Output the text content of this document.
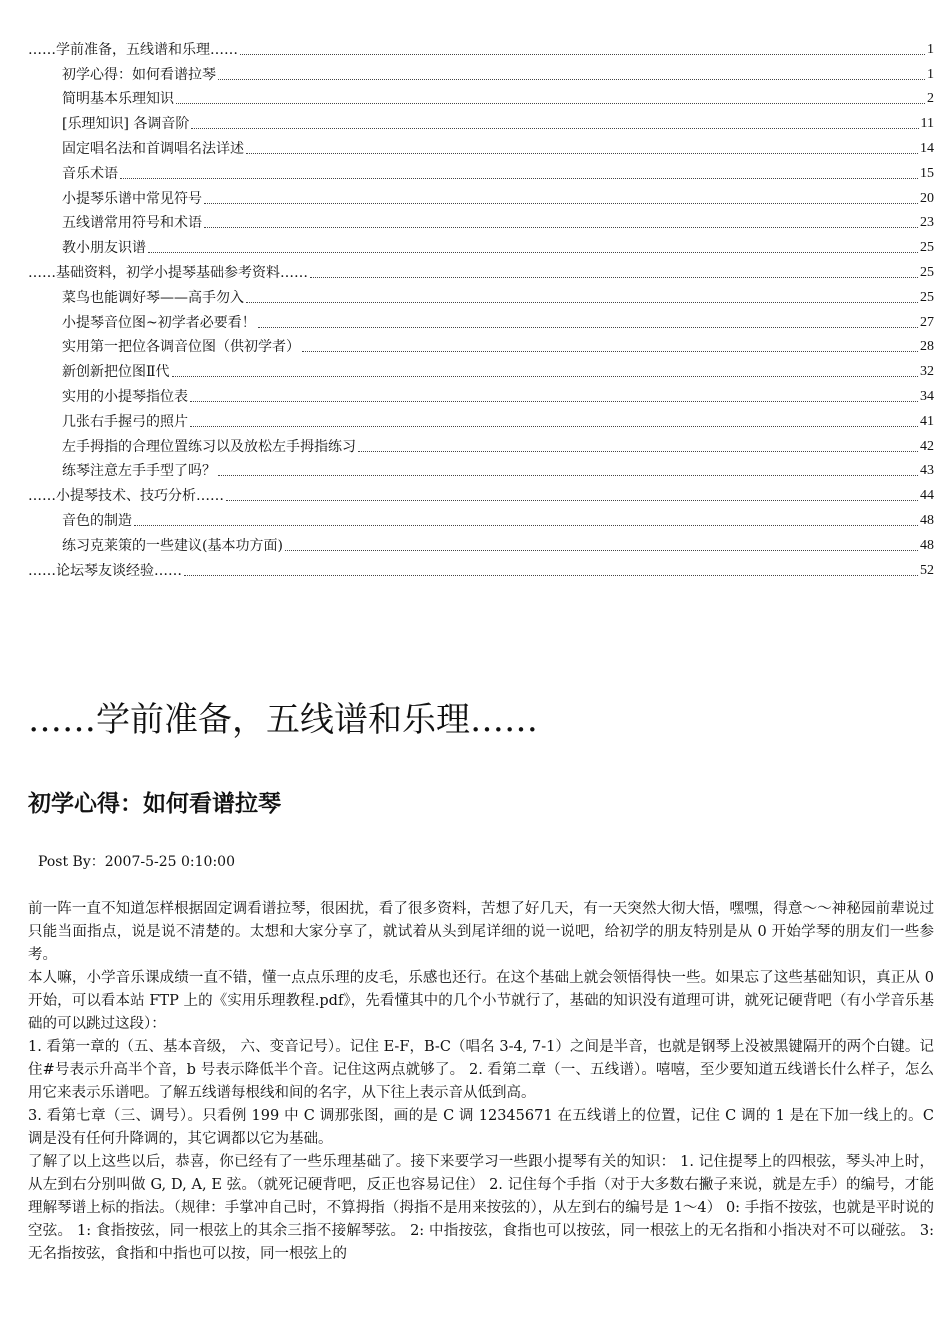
……学前准备，五线谱和乐理……	1
初学心得：如何看谱拉琴	1
简明基本乐理知识	2
[乐理知识] 各调音阶	11
固定唱名法和首调唱名法详述	14
音乐术语	15
小提琴乐谱中常见符号	20
五线谱常用符号和术语	23
教小朋友识谱	25
……基础资料，初学小提琴基础参考资料……	25
菜鸟也能调好琴——高手勿入	25
小提琴音位图~初学者必要看！	27
实用第一把位各调音位图（供初学者）	28
新创新把位图Ⅱ代	32
实用的小提琴指位表	34
几张右手握弓的照片	41
左手拇指的合理位置练习以及放松左手拇指练习	42
练琴注意左手手型了吗？	43
……小提琴技术、技巧分析……	44
音色的制造	48
练习克莱策的一些建议(基本功方面)	48
……论坛琴友谈经验……	52
……学前准备，五线谱和乐理……
初学心得：如何看谱拉琴
Post By：2007-5-25 0:10:00

前一阵一直不知道怎样根据固定调看谱拉琴，很困扰，看了很多资料，苦想了好几天，有一天突然大彻大悟，嘿嘿，得意～～神秘园前辈说过只能当面指点，说是说不清楚的。太想和大家分享了，就试着从头到尾详细的说一说吧，给初学的朋友特别是从 0 开始学琴的朋友们一些参考。

本人嘛，小学音乐课成绩一直不错，懂一点点乐理的皮毛，乐感也还行。在这个基础上就会领悟得快一些。如果忘了这些基础知识，真正从 0 开始，可以看本站 FTP 上的《实用乐理教程.pdf》，先看懂其中的几个小节就行了，基础的知识没有道理可讲，就死记硬背吧（有小学音乐基础的可以跳过这段）：

1. 看第一章的（五、基本音级， 六、变音记号）。记住 E-F，B-C（唱名 3-4, 7-1）之间是半音，也就是钢琴上没被黑键隔开的两个白键。记住#号表示升高半个音，b 号表示降低半个音。记住这两点就够了。 2. 看第二章（一、五线谱）。嘻嘻，至少要知道五线谱长什么样子，怎么用它来表示乐谱吧。了解五线谱每根线和间的名字，从下往上表示音从低到高。

3. 看第七章（三、调号）。只看例 199 中 C 调那张图，画的是 C 调 12345671 在五线谱上的位置，记住 C 调的 1 是在下加一线上的。C 调是没有任何升降调的，其它调都以它为基础。

了解了以上这些以后，恭喜，你已经有了一些乐理基础了。接下来要学习一些跟小提琴有关的知识： 1. 记住提琴上的四根弦，琴头冲上时，从左到右分别叫做 G, D, A, E 弦。（就死记硬背吧，反正也容易记住） 2. 记住每个手指（对于大多数右撇子来说，就是左手）的编号，才能理解琴谱上标的指法。（规律：手掌冲自己时，不算拇指（拇指不是用来按弦的），从左到右的编号是 1～4） 0: 手指不按弦，也就是平时说的空弦。 1: 食指按弦，同一根弦上的其余三指不接解琴弦。 2: 中指按弦，食指也可以按弦，同一根弦上的无名指和小指决对不可以碰弦。 3: 无名指按弦，食指和中指也可以按，同一根弦上的
